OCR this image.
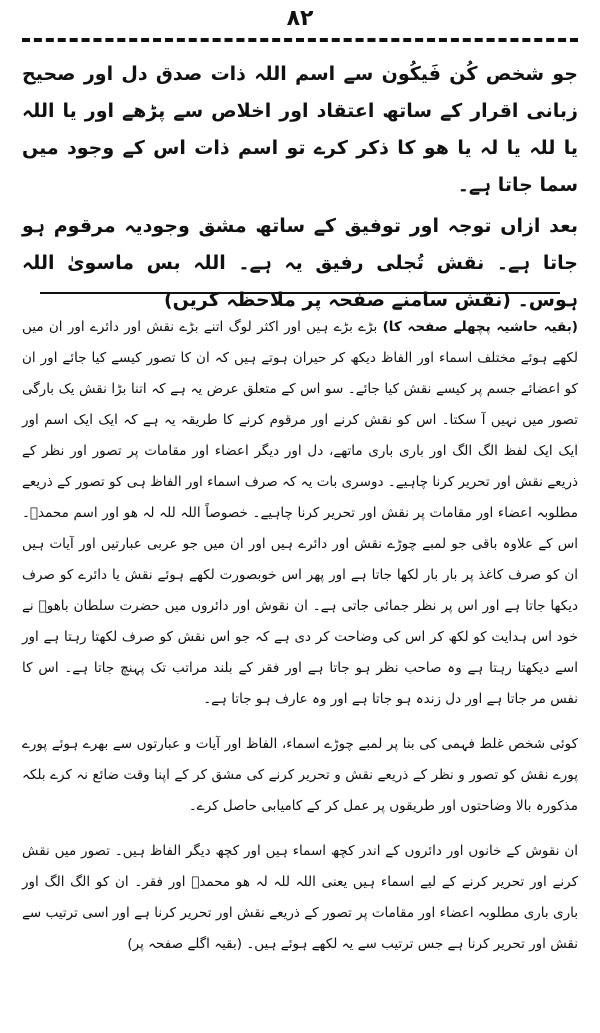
۸۲

جو شخص کُن فَیکُون سے اسم اللہ ذات صدق دل اور صحیح زبانی اقرار کے ساتھ اعتقاد اور اخلاص سے پڑھے اور یا اللہ یا للہ یا لہ یا ھو کا ذکر کرے تو اسم ذات اس کے وجود میں سما جاتا ہے۔

بعد ازاں توجہ اور توفیق کے ساتھ مشق وجودیہ مرقوم ہو جاتا ہے۔ نقش تُجلی رفیق یہ ہے۔ اللہ بس ماسویٰ اللہ ہوس۔ (نقش سامنے صفحہ پر ملاحظہ کریں)

(بقیہ حاشیہ پچھلے صفحہ کا) بڑے بڑے ہیں اور اکثر لوگ اتنے بڑے نقش اور دائرے اور ان میں لکھے ہوئے مختلف اسماء اور الفاظ دیکھ کر حیران ہوتے ہیں کہ ان کا تصور کیسے کیا جائے اور ان کو اعضائے جسم پر کیسے نقش کیا جائے۔ سو اس کے متعلق عرض یہ ہے کہ اتنا بڑا نقش یک بارگی تصور میں نہیں آ سکتا۔ اس کو نقش کرنے اور مرقوم کرنے کا طریقہ یہ ہے کہ ایک ایک اسم اور ایک ایک لفظ الگ الگ اور باری باری ماتھے، دل اور دیگر اعضاء اور مقامات پر تصور اور نظر کے ذریعے نقش اور تحریر کرنا چاہیے۔ دوسری بات یہ کہ صرف اسماء اور الفاظ ہی کو تصور کے ذریعے مطلوبہ اعضاء اور مقامات پر نقش اور تحریر کرنا چاہیے۔ خصوصاً اللہ للہ لہ ھو اور اسم محمدؐ۔ اس کے علاوہ باقی جو لمبے چوڑے نقش اور دائرے ہیں اور ان میں جو عربی عبارتیں اور آیات ہیں ان کو صرف کاغذ پر بار بار لکھا جاتا ہے اور پھر اس خوبصورت لکھے ہوئے نقش یا دائرے کو صرف دیکھا جاتا ہے اور اس پر نظر جمائی جاتی ہے۔ ان نقوش اور دائروں میں حضرت سلطان باھوؒ نے خود اس ہدایت کو لکھ کر اس کی وضاحت کر دی ہے کہ جو اس نقش کو صرف لکھتا رہتا ہے اور اسے دیکھتا رہتا ہے وہ صاحب نظر ہو جاتا ہے اور فقر کے بلند مراتب تک پہنچ جاتا ہے۔ اس کا نفس مر جاتا ہے اور دل زندہ ہو جاتا ہے اور وہ عارف ہو جاتا ہے۔

کوئی شخص غلط فہمی کی بنا پر لمبے چوڑے اسماء، الفاظ اور آیات و عبارتوں سے بھرے ہوئے پورے پورے نقش کو تصور و نظر کے ذریعے نقش و تحریر کرنے کی مشق کر کے اپنا وقت ضائع نہ کرے بلکہ مذکورہ بالا وضاحتوں اور طریقوں پر عمل کر کے کامیابی حاصل کرے۔

ان نقوش کے خانوں اور دائروں کے اندر کچھ اسماء ہیں اور کچھ دیگر الفاظ ہیں۔ تصور میں نقش کرنے اور تحریر کرنے کے لیے اسماء ہیں یعنی اللہ للہ لہ ھو محمدؐ اور فقر۔ ان کو الگ الگ اور باری باری مطلوبہ اعضاء اور مقامات پر تصور کے ذریعے نقش اور تحریر کرنا ہے اور اسی ترتیب سے نقش اور تحریر کرنا ہے جس ترتیب سے یہ لکھے ہوئے ہیں۔ (بقیہ اگلے صفحہ پر)
